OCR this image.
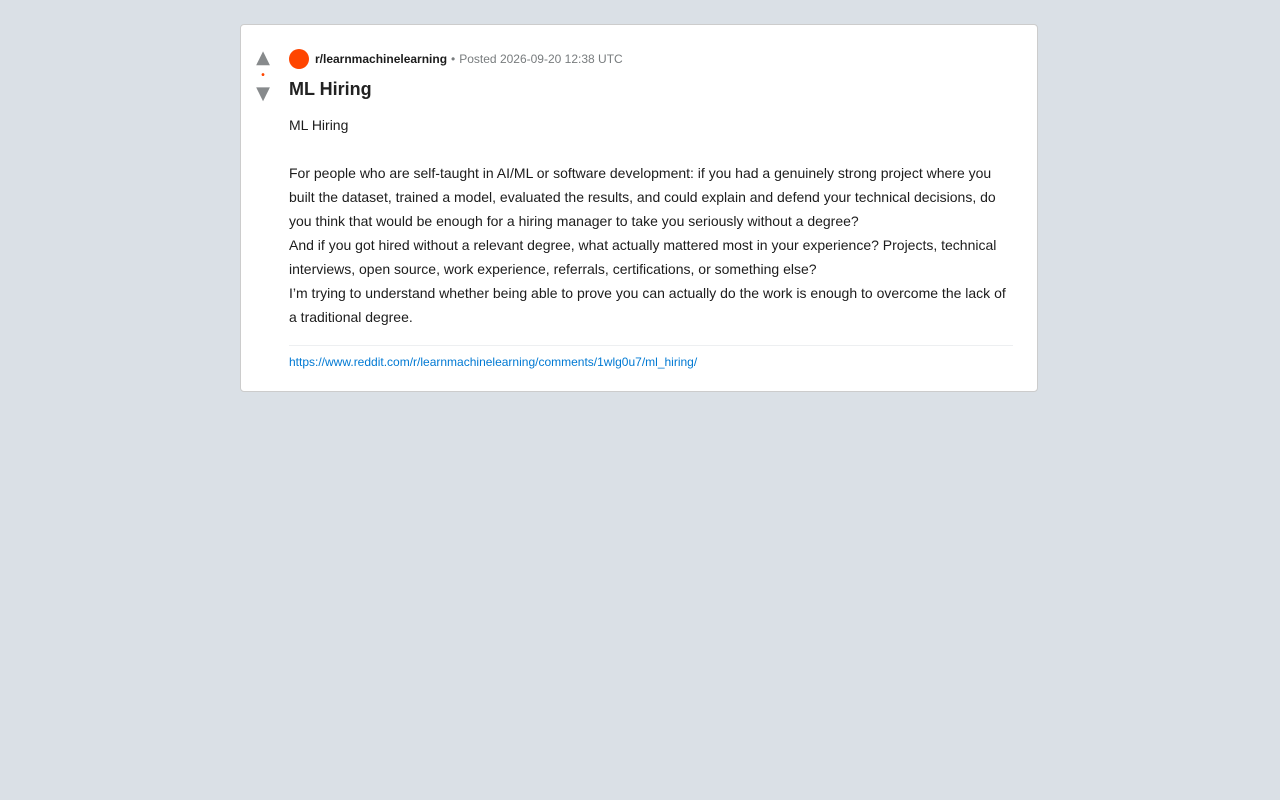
▲
•
▼
r/learnmachinelearning • Posted 2026-09-20 12:38 UTC
ML Hiring

ML Hiring

For people who are self-taught in AI/ML or software development: if you had a genuinely strong project where you built the dataset, trained a model, evaluated the results, and could explain and defend your technical decisions, do you think that would be enough for a hiring manager to take you seriously without a degree?

And if you got hired without a relevant degree, what actually mattered most in your experience? Projects, technical interviews, open source, work experience, referrals, certifications, or something else?

I’m trying to understand whether being able to prove you can actually do the work is enough to overcome the lack of a traditional degree.

https://www.reddit.com/r/learnmachinelearning/comments/1wlg0u7/ml_hiring/
